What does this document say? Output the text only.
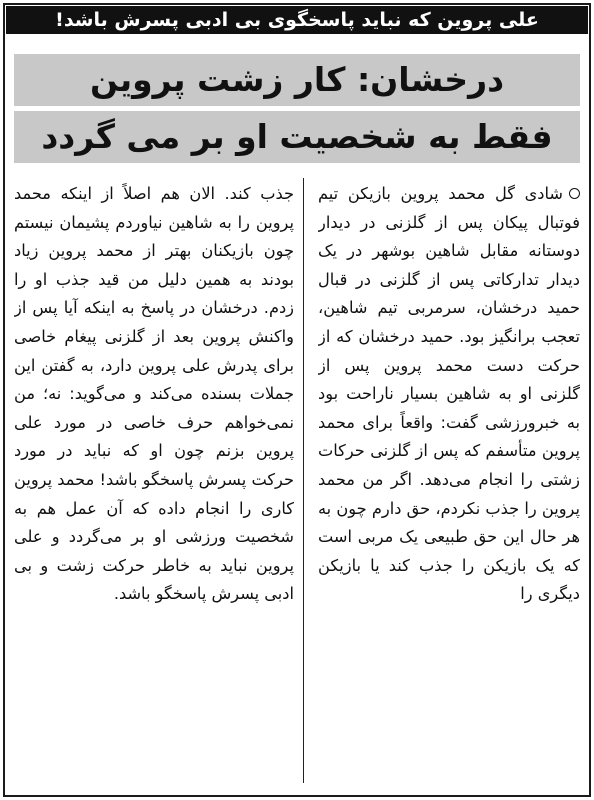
علی پروین که نباید پاسخگوی بی ادبی پسرش باشد!
درخشان: کار زشت پروین
فقط به شخصیت او بر می گردد
شادی گل محمد پروین بازیکن تیم فوتبال پیکان پس از گلزنی در دیدار دوستانه مقابل شاهین بوشهر در یک دیدار تدارکاتی پس از گلزنی در قبال حمید درخشان، سرمربی تیم شاهین، تعجب برانگیز بود. حمید درخشان که از حرکت دست محمد پروین پس از گلزنی او به شاهین بسیار ناراحت بود به خبرورزشی گفت: واقعاً برای محمد پروین متأسفم که پس از گلزنی حرکات زشتی را انجام می‌دهد. اگر من محمد پروین را جذب نکردم، حق دارم چون به هر حال این حق طبیعی یک مربی است که یک بازیکن را جذب کند یا بازیکن دیگری را
جذب کند. الان هم اصلاً از اینکه محمد پروین را به شاهین نیاوردم پشیمان نیستم چون بازیکنان بهتر از محمد پروین زیاد بودند به همین دلیل من قید جذب او را زدم. درخشان در پاسخ به اینکه آیا پس از واکنش پروین بعد از گلزنی پیغام خاصی برای پدرش علی پروین دارد، به گفتن این جملات بسنده می‌کند و می‌گوید: نه؛ من نمی‌خواهم حرف خاصی در مورد علی پروین بزنم چون او که نباید در مورد حرکت پسرش پاسخگو باشد! محمد پروین کاری را انجام داده که آن عمل هم به شخصیت ورزشی او بر می‌گردد و علی پروین نباید به خاطر حرکت زشت و بی ادبی پسرش پاسخگو باشد.
